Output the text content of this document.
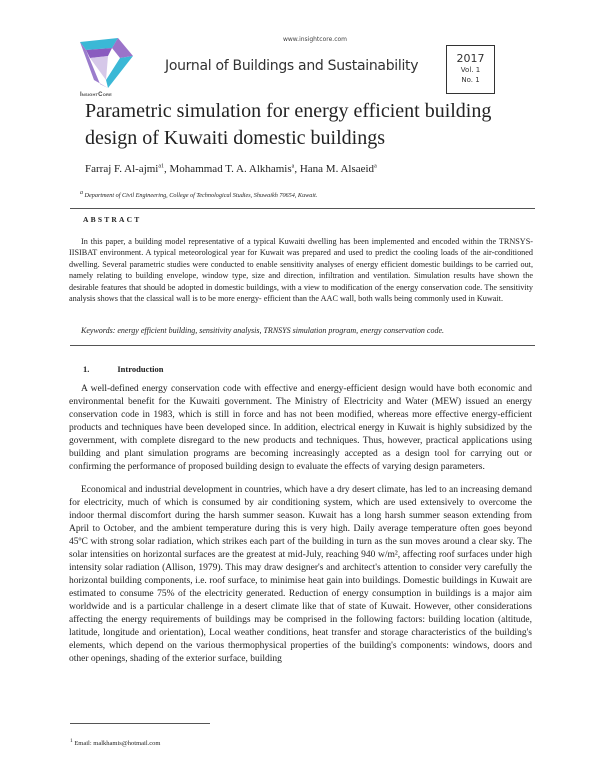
InsightCore
www.insightcore.com
Journal of Buildings and Sustainability	2017
Vol. 1
No. 1
Parametric simulation for energy efficient building design of Kuwaiti domestic buildings
Farraj F. Al-ajmi$^{a1}$, Mohammad T. A. Alkhamis$^a$, Hana M. Alsaeid$^a$
$^a$ Department of Civil Engineering, College of Technological Studies, Shuwaikh 70654, Kuwait.
ABSTRACT
In this paper, a building model representative of a typical Kuwaiti dwelling has been implemented and encoded within the TRNSYS-IISIBAT environment. A typical meteorological year for Kuwait was prepared and used to predict the cooling loads of the air-conditioned dwelling. Several parametric studies were conducted to enable sensitivity analyses of energy efficient domestic buildings to be carried out, namely relating to building envelope, window type, size and direction, infiltration and ventilation. Simulation results have shown the desirable features that should be adopted in domestic buildings, with a view to modification of the energy conservation code. The sensitivity analysis shows that the classical wall is to be more energy- efficient than the AAC wall, both walls being commonly used in Kuwait.
Keywords: energy efficient building, sensitivity analysis, TRNSYS simulation program, energy conservation code.
1.	Introduction
A well-defined energy conservation code with effective and energy-efficient design would have both economic and environmental benefit for the Kuwaiti government. The Ministry of Electricity and Water (MEW) issued an energy conservation code in 1983, which is still in force and has not been modified, whereas more effective energy-efficient products and techniques have been developed since. In addition, electrical energy in Kuwait is highly subsidized by the government, with complete disregard to the new products and techniques. Thus, however, practical applications using building and plant simulation programs are becoming increasingly accepted as a design tool for carrying out or confirming the performance of proposed building design to evaluate the effects of varying design parameters.
Economical and industrial development in countries, which have a dry desert climate, has led to an increasing demand for electricity, much of which is consumed by air conditioning system, which are used extensively to overcome the indoor thermal discomfort during the harsh summer season. Kuwait has a long harsh summer season extending from April to October, and the ambient temperature during this is very high. Daily average temperature often goes beyond 45ºC with strong solar radiation, which strikes each part of the building in turn as the sun moves around a clear sky. The solar intensities on horizontal surfaces are the greatest at mid-July, reaching 940 w/m², affecting roof surfaces under high intensity solar radiation (Allison, 1979). This may draw designer's and architect's attention to consider very carefully the horizontal building components, i.e. roof surface, to minimise heat gain into buildings. Domestic buildings in Kuwait are estimated to consume 75% of the electricity generated. Reduction of energy consumption in buildings is a major aim worldwide and is a particular challenge in a desert climate like that of state of Kuwait. However, other considerations affecting the energy requirements of buildings may be comprised in the following factors: building location (altitude, latitude, longitude and orientation), Local weather conditions, heat transfer and storage characteristics of the building's elements, which depend on the various thermophysical properties of the building's components: windows, doors and other openings, shading of the exterior surface, building
$^1$ Email: malkhamis@hotmail.com
